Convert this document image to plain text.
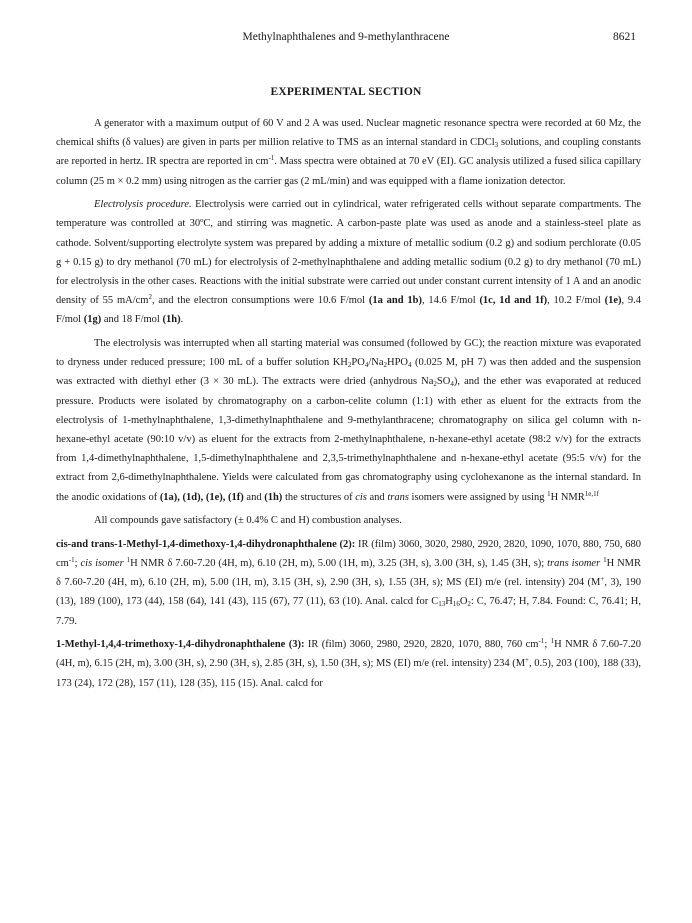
Methylnaphthalenes and 9-methylanthracene	8621
EXPERIMENTAL SECTION

A generator with a maximum output of 60 V and 2 A was used. Nuclear magnetic resonance spectra were recorded at 60 Mz, the chemical shifts (δ values) are given in parts per million relative to TMS as an internal standard in CDCl$_3$ solutions, and coupling constants are reported in hertz. IR spectra are reported in $cm^{-1}$. Mass spectra were obtained at 70 eV (EI). GC analysis utilized a fused silica capillary column (25 m × 0.2 mm) using nitrogen as the carrier gas (2 mL/min) and was equipped with a flame ionization detector.

Electrolysis procedure. Electrolysis were carried out in cylindrical, water refrigerated cells without separate compartments. The temperature was controlled at 30ºC, and stirring was magnetic. A carbon-paste plate was used as anode and a stainless-steel plate as cathode. Solvent/supporting electrolyte system was prepared by adding a mixture of metallic sodium (0.2 g) and sodium perchlorate (0.05 g + 0.15 g) to dry methanol (70 mL) for electrolysis of 2-methylnaphthalene and adding metallic sodium (0.2 g) to dry methanol (70 mL) for electrolysis in the other cases. Reactions with the initial substrate were carried out under constant current intensity of 1 A and an anodic density of 55 $mA/cm^2$, and the electron consumptions were 10.6 F/mol (1a and 1b), 14.6 F/mol (1c, 1d and 1f), 10.2 F/mol (1e), 9.4 F/mol (1g) and 18 F/mol (1h).

The electrolysis was interrupted when all starting material was consumed (followed by GC); the reaction mixture was evaporated to dryness under reduced pressure; 100 mL of a buffer solution $KH_2PO_4/Na_2HPO_4$ (0.025 M, pH 7) was then added and the suspension was extracted with diethyl ether (3 × 30 mL). The extracts were dried (anhydrous $Na_2SO_4$), and the ether was evaporated at reduced pressure. Products were isolated by chromatography on a carbon-celite column (1:1) with ether as eluent for the extracts from the electrolysis of 1-methylnaphthalene, 1,3-dimethylnaphthalene and 9-methylanthracene; chromatography on silica gel column with n-hexane-ethyl acetate (90:10 v/v) as eluent for the extracts from 2-methylnaphthalene, n-hexane-ethyl acetate (98:2 v/v) for the extracts from 1,4-dimethylnaphthalene, 1,5-dimethylnaphthalene and 2,3,5-trimethylnaphthalene and n-hexane-ethyl acetate (95:5 v/v) for the extract from 2,6-dimethylnaphthalene. Yields were calculated from gas chromatography using cyclohexanone as the internal standard. In the anodic oxidations of (1a), (1d), (1e), (1f) and (1h) the structures of cis and trans isomers were assigned by using $^1$H $NMR^{1e,1f}$

All compounds gave satisfactory (± 0.4% C and H) combustion analyses.

cis-and trans-1-Methyl-1,4-dimethoxy-1,4-dihydronaphthalene (2): IR (film) 3060, 3020, 2980, 2920, 2820, 1090, 1070, 880, 750, 680 $cm^{-1}$; cis isomer $^1$H NMR δ 7.60-7.20 (4H, m), 6.10 (2H, m), 5.00 (1H, m), 3.25 (3H, s), 3.00 (3H, s), 1.45 (3H, s); trans isomer $^1$H NMR δ 7.60-7.20 (4H, m), 6.10 (2H, m), 5.00 (1H, m), 3.15 (3H, s), 2.90 (3H, s), 1.55 (3H, s); MS (EI) m/e (rel. intensity) 204 (M+, 3), 190 (13), 189 (100), 173 (44), 158 (64), 141 (43), 115 (67), 77 (11), 63 (10). Anal. calcd for $C_{13}H_{16}O_2$: C, 76.47; H, 7.84. Found: C, 76.41; H, 7.79.

1-Methyl-1,4,4-trimethoxy-1,4-dihydronaphthalene (3): IR (film) 3060, 2980, 2920, 2820, 1070, 880, 760 $cm^{-1}$; $^1$H NMR δ 7.60-7.20 (4H, m), 6.15 (2H, m), 3.00 (3H, s), 2.90 (3H, s), 2.85 (3H, s), 1.50 (3H, s); MS (EI) m/e (rel. intensity) 234 (M+, 0.5), 203 (100), 188 (33), 173 (24), 172 (28), 157 (11), 128 (35), 115 (15). Anal. calcd for
